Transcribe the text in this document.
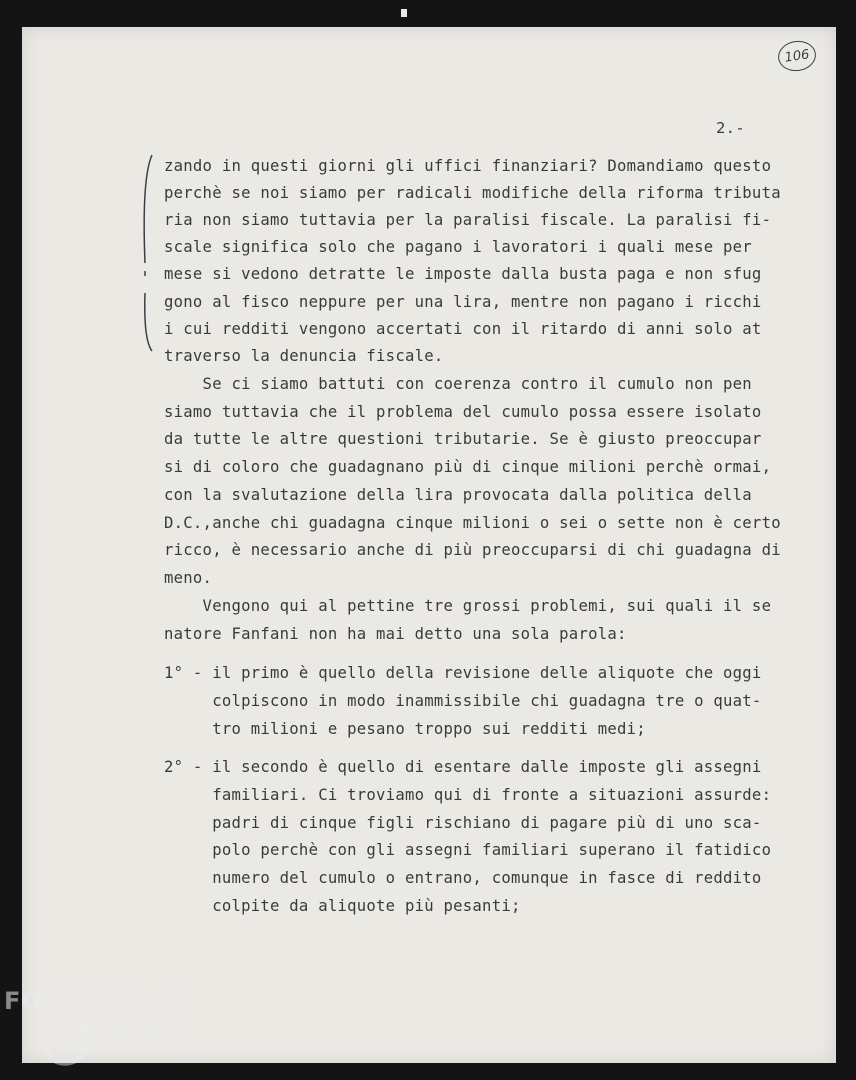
106
2.-
zando in questi giorni gli uffici finanziari? Domandiamo questo
perchè se noi siamo per radicali modifiche della riforma tributa
ria non siamo tuttavia per la paralisi fiscale. La paralisi fi-
scale significa solo che pagano i lavoratori i quali mese per
mese si vedono detratte le imposte dalla busta paga e non sfug
gono al fisco neppure per una lira, mentre non pagano i ricchi
i cui redditi vengono accertati con il ritardo di anni solo at
traverso la denuncia fiscale.
Se ci siamo battuti con coerenza contro il cumulo non pen
siamo tuttavia che il problema del cumulo possa essere isolato
da tutte le altre questioni tributarie. Se è giusto preoccupar
si di coloro che guadagnano più di cinque milioni perchè ormai,
con la svalutazione della lira provocata dalla politica della
D.C.,anche chi guadagna cinque milioni o sei o sette non è certo
ricco, è necessario anche di più preoccuparsi di chi guadagna di
meno.
Vengono qui al pettine tre grossi problemi, sui quali il se
natore Fanfani non ha mai detto una sola parola:
1° - il primo è quello della revisione delle aliquote che oggi
colpiscono in modo inammissibile chi guadagna tre o quat-
tro milioni e pesano troppo sui redditi medi;
2° - il secondo è quello di esentare dalle imposte gli assegni
familiari. Ci troviamo qui di fronte a situazioni assurde:
padri di cinque figli rischiano di pagare più di uno sca-
polo perchè con gli assegni familiari superano il fatidico
numero del cumulo o entrano, comunque in fasce di reddito
colpite da aliquote più pesanti;
FONDAZIONE
RAMSCI
onlus
